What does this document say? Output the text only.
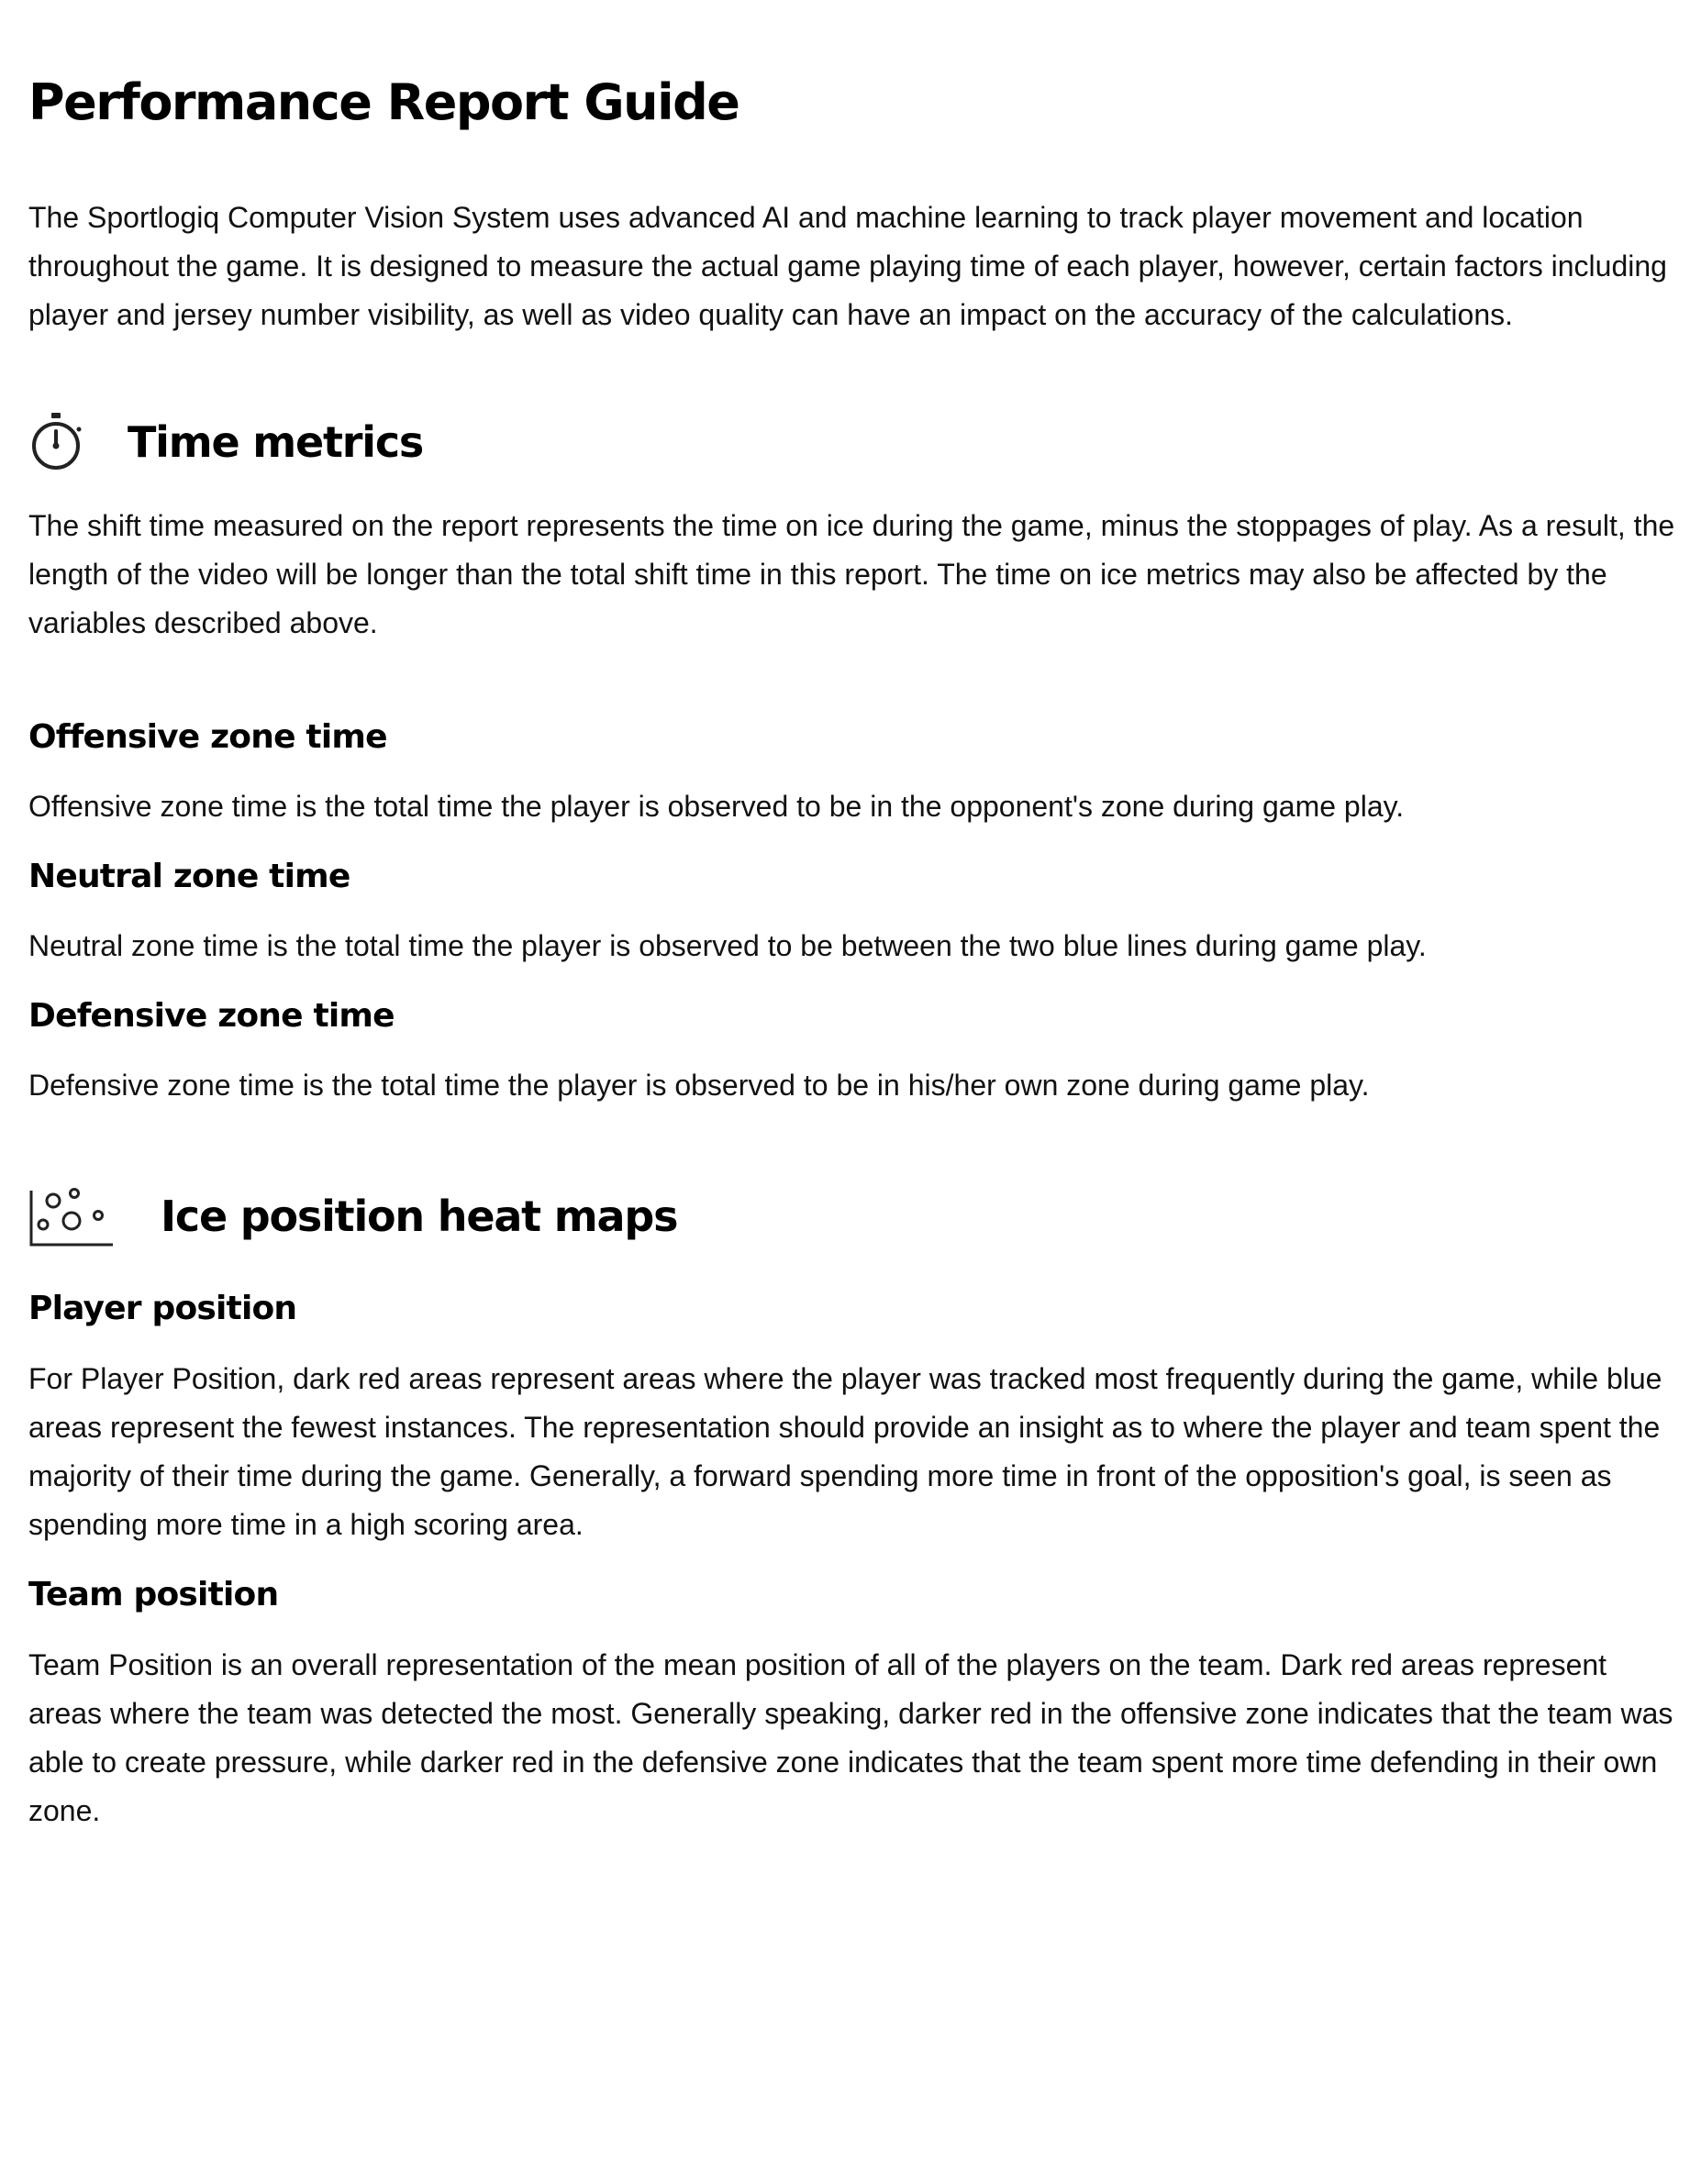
Performance Report Guide

The Sportlogiq Computer Vision System uses advanced AI and machine learning to track player movement and location throughout the game. It is designed to measure the actual game playing time of each player, however, certain factors including player and jersey number visibility, as well as video quality can have an impact on the accuracy of the calculations.

Time metrics

The shift time measured on the report represents the time on ice during the game, minus the stoppages of play. As a result, the length of the video will be longer than the total shift time in this report. The time on ice metrics may also be affected by the variables described above.

Offensive zone time

Offensive zone time is the total time the player is observed to be in the opponent's zone during game play.

Neutral zone time

Neutral zone time is the total time the player is observed to be between the two blue lines during game play.

Defensive zone time

Defensive zone time is the total time the player is observed to be in his/her own zone during game play.

Ice position heat maps
Player position

For Player Position, dark red areas represent areas where the player was tracked most frequently during the game, while blue areas represent the fewest instances. The representation should provide an insight as to where the player and team spent the majority of their time during the game. Generally, a forward spending more time in front of the opposition's goal, is seen as spending more time in a high scoring area.

Team position

Team Position is an overall representation of the mean position of all of the players on the team. Dark red areas represent areas where the team was detected the most. Generally speaking, darker red in the offensive zone indicates that the team was able to create pressure, while darker red in the defensive zone indicates that the team spent more time defending in their own zone.
